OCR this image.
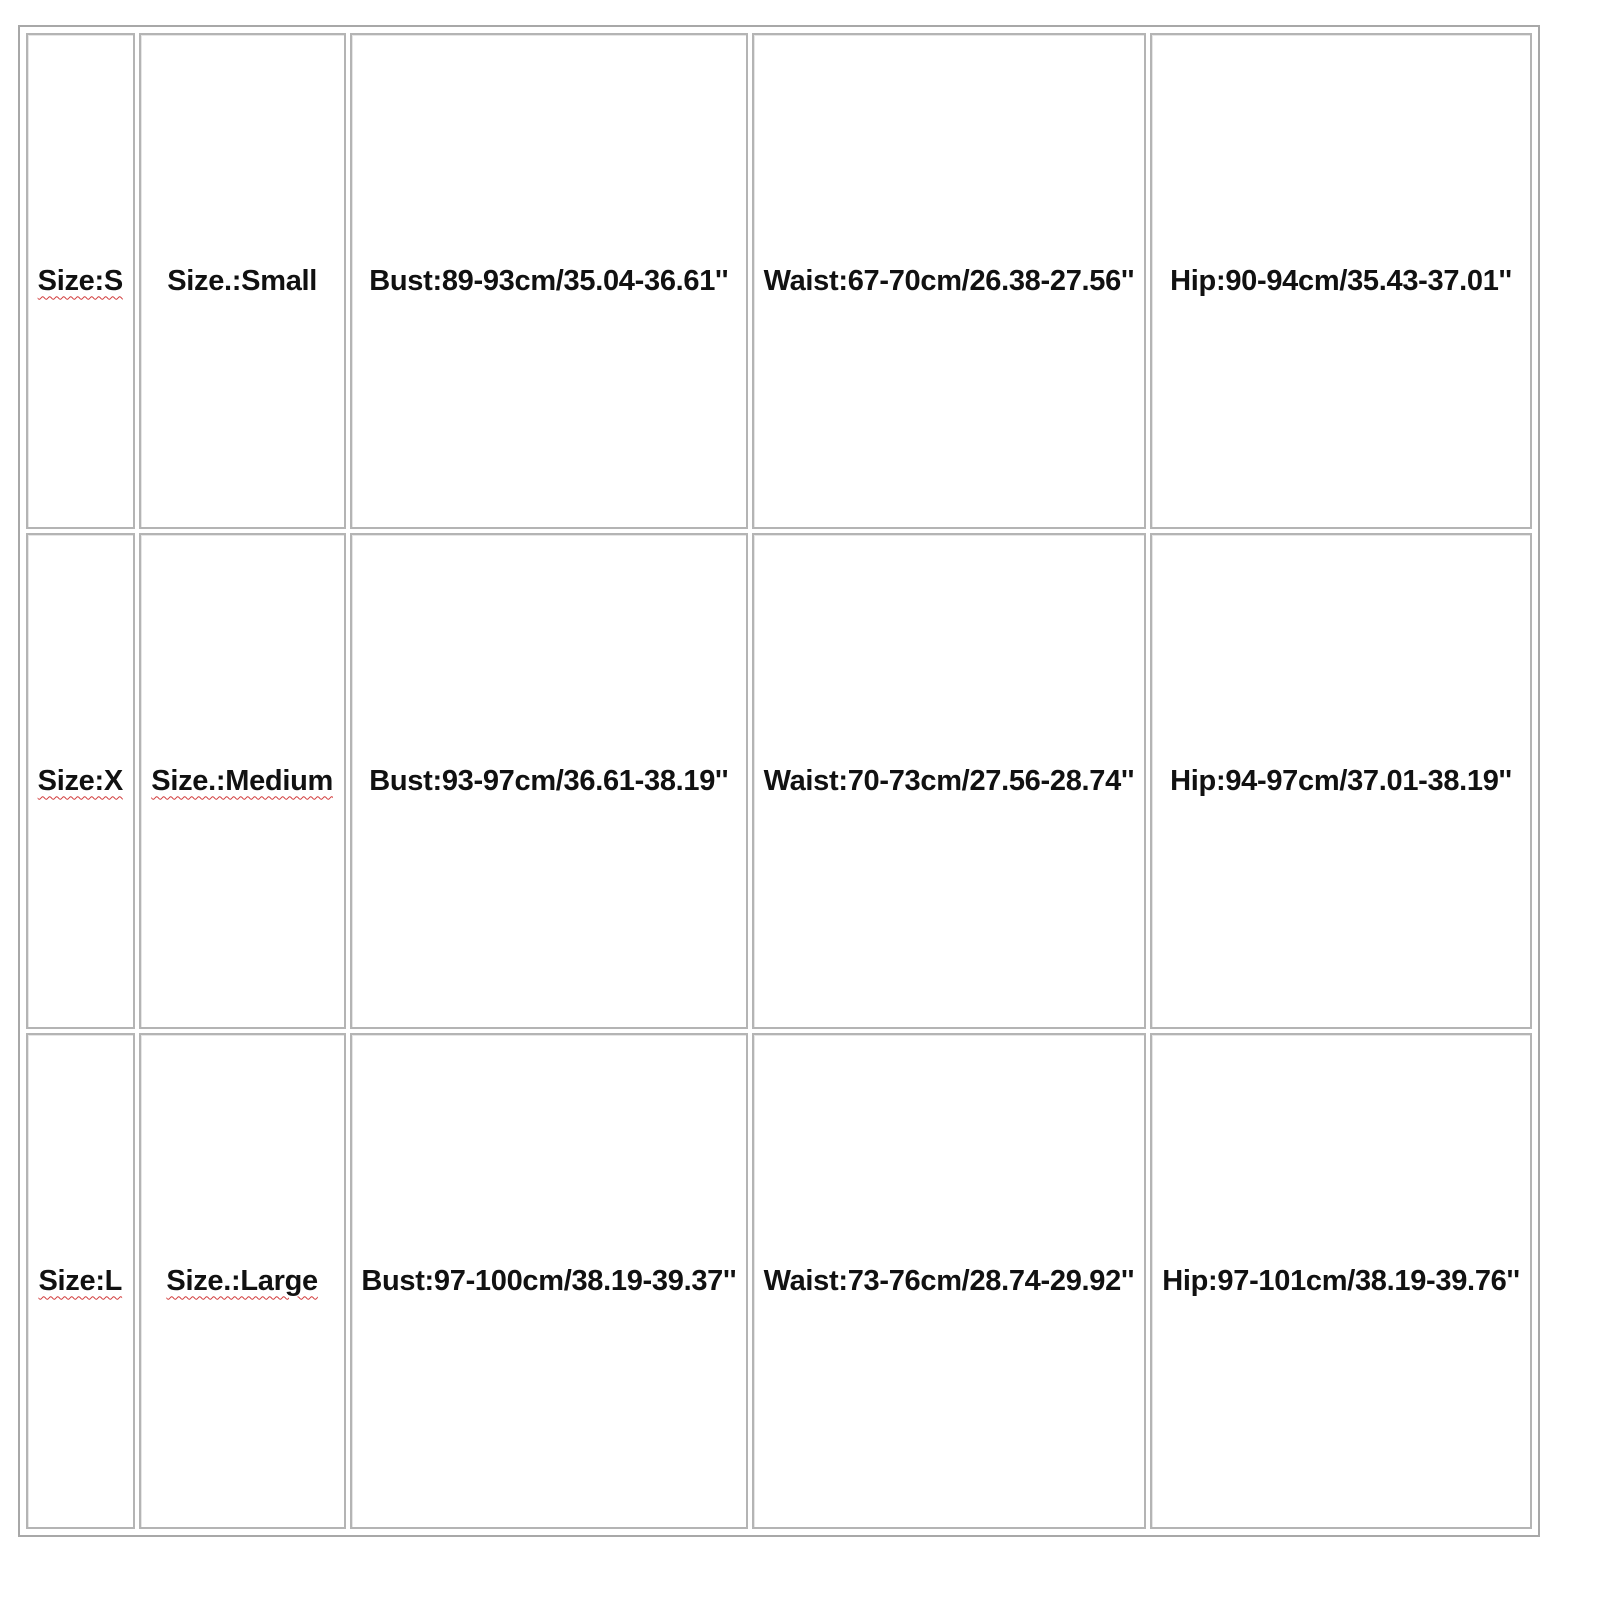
Size:S	Size.:Small	Bust:89-93cm/35.04-36.61''	Waist:67-70cm/26.38-27.56''	Hip:90-94cm/35.43-37.01''
Size:X	Size.:Medium	Bust:93-97cm/36.61-38.19''	Waist:70-73cm/27.56-28.74''	Hip:94-97cm/37.01-38.19''
Size:L	Size.:Large	Bust:97-100cm/38.19-39.37''	Waist:73-76cm/28.74-29.92''	Hip:97-101cm/38.19-39.76''
